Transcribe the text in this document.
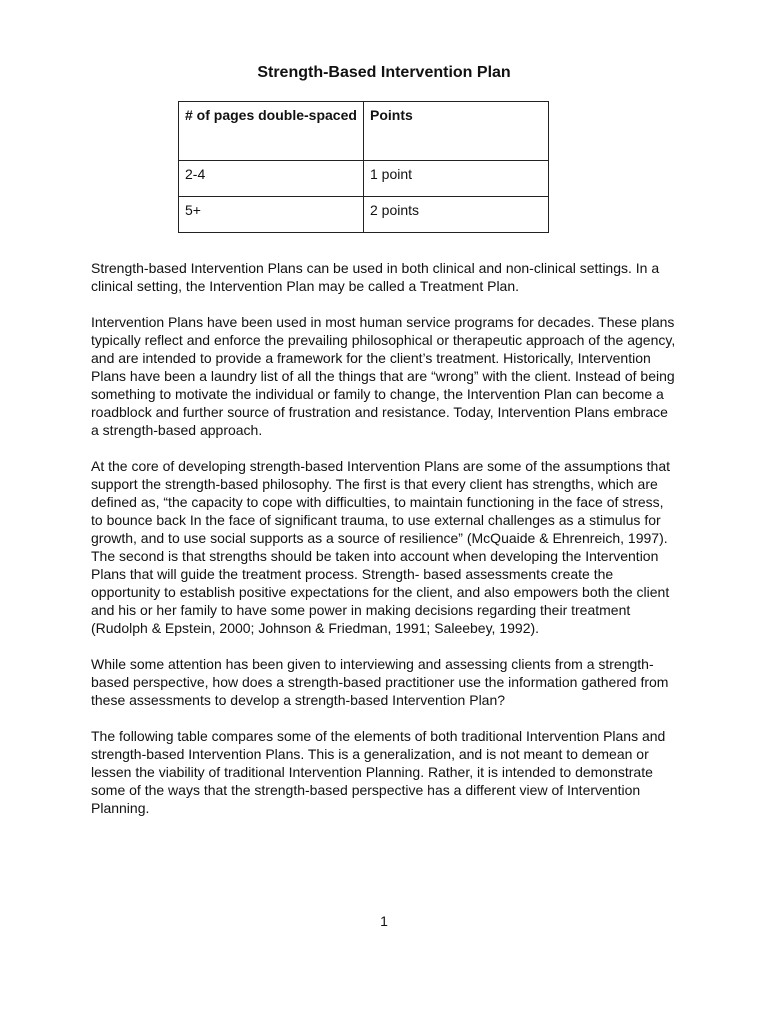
Strength-Based Intervention Plan
# of pages double-spaced	Points
2-4	1 point
5+	2 points

Strength-based Intervention Plans can be used in both clinical and non-clinical settings. In a clinical setting, the Intervention Plan may be called a Treatment Plan.

Intervention Plans have been used in most human service programs for decades. These plans typically reflect and enforce the prevailing philosophical or therapeutic approach of the agency, and are intended to provide a framework for the client’s treatment. Historically, Intervention Plans have been a laundry list of all the things that are “wrong” with the client. Instead of being something to motivate the individual or family to change, the Intervention Plan can become a roadblock and further source of frustration and resistance. Today, Intervention Plans embrace a strength-based approach.

At the core of developing strength-based Intervention Plans are some of the assumptions that support the strength-based philosophy. The first is that every client has strengths, which are defined as, “the capacity to cope with difficulties, to maintain functioning in the face of stress, to bounce back In the face of significant trauma, to use external challenges as a stimulus for growth, and to use social supports as a source of resilience” (McQuaide & Ehrenreich, 1997). The second is that strengths should be taken into account when developing the Intervention Plans that will guide the treatment process. Strength- based assessments create the opportunity to establish positive expectations for the client, and also empowers both the client and his or her family to have some power in making decisions regarding their treatment (Rudolph & Epstein, 2000; Johnson & Friedman, 1991; Saleebey, 1992).

While some attention has been given to interviewing and assessing clients from a strength-based perspective, how does a strength-based practitioner use the information gathered from these assessments to develop a strength-based Intervention Plan?

The following table compares some of the elements of both traditional Intervention Plans and strength-based Intervention Plans. This is a generalization, and is not meant to demean or lessen the viability of traditional Intervention Planning. Rather, it is intended to demonstrate some of the ways that the strength-based perspective has a different view of Intervention Planning.

1
